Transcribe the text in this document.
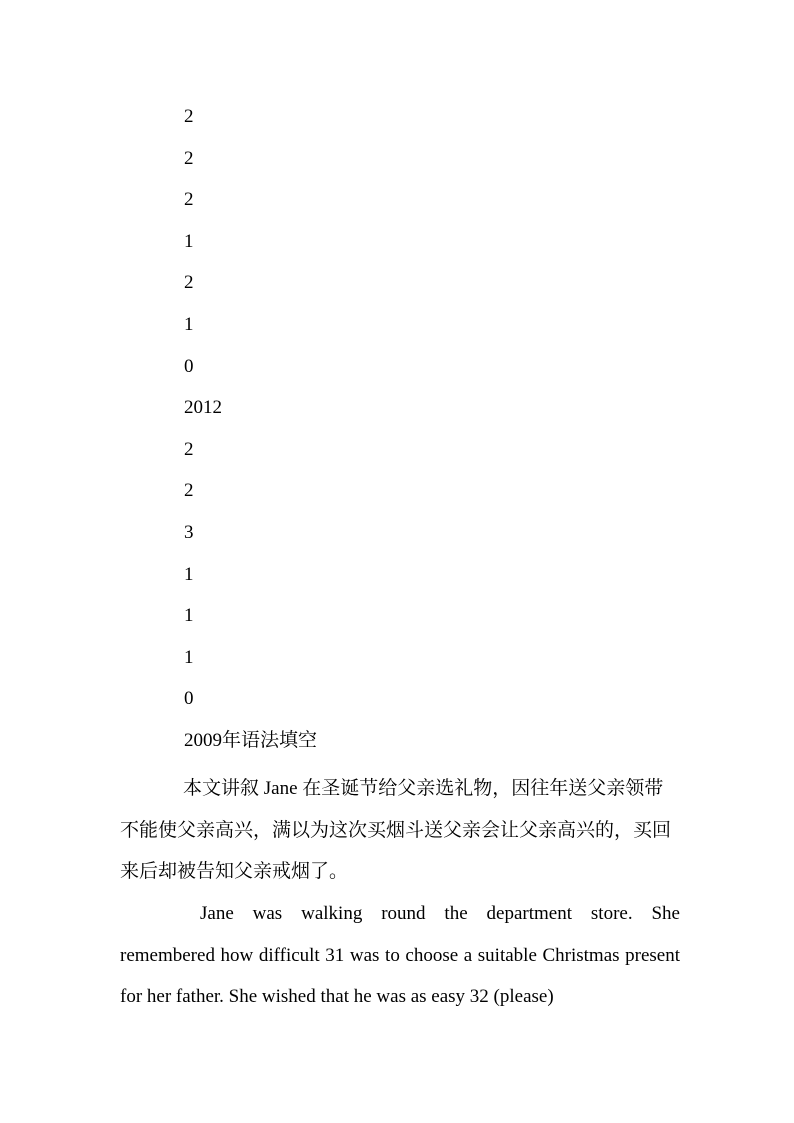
2
2
2
1
2
1
0
2012
2
2
3
1
1
1
0
2009年语法填空

本文讲叙 Jane 在圣诞节给父亲选礼物，因往年送父亲领带不能使父亲高兴，满以为这次买烟斗送父亲会让父亲高兴的，买回来后却被告知父亲戒烟了。

Jane was walking round the department store. She remembered how difficult 31 was to choose a suitable Christmas present for her father. She wished that he was as easy 32 (please)
